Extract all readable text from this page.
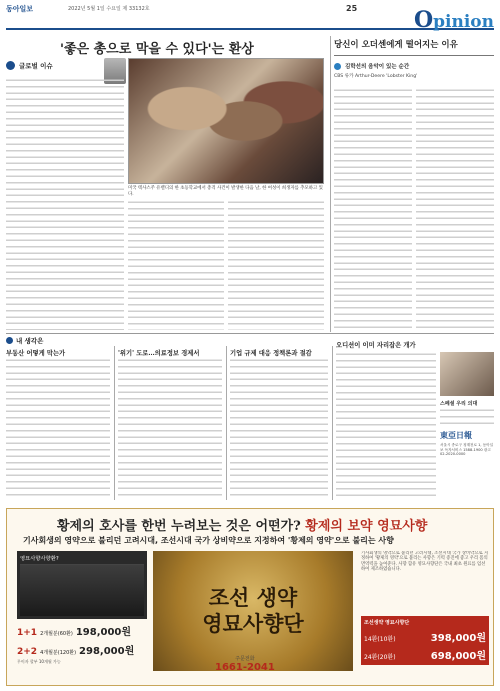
동아일보	2022년 5월 1일 수요일 제 33132호	25	Opinion
'좋은 총으로 막을 수 있다'는 환상
글로벌 이슈
미국 텍사스주 유밸디의 한 초등학교에서 총격 사건이 발생한 다음 날, 한 여성이 희생자를 추모하고 있다.
당신이 오더센에게 떨어지는 이유
김학선의 음악이 있는 순간
CBS 류카 Arthur-Deere 'Lobster King'
내 생각은
부동산 어떻게 막는가	'위기' 도로…의료정보 경제서	기업 규제 대응 정책론과 절감
오디션이 이미 자리잡은 개가
스페셜 우리 의대
東亞日報
서울시 종로구 청계천로 1, 동아일보 독자서비스 1588-1900 광고 02-2020-0000
황제의 호사를 한번 누려보는 것은 어떤가? 황제의 보약 영묘사향
기사회생의 영약으로 불리던 고려시대, 조선시대 국가 상비약으로 지정하여 '황제의 영약'으로 불리는 사향
영묘사향사향환?
1+1 2개월분(60환) 198,000원
2+2 4개월분(120환) 298,000원
무이자 할부 10개월 가능
조선 생약
영묘사향단
주문전화
1661-2041
기사회생의 영약으로 불리던 고려시대, 조선시대 국가 상비약으로 지정하여 '황제의 영약'으로 불리는 사향은 기력 증진에 좋고 우리 몸의 면역력을 높여준다. 사향 함유 영묘사향단은 국내 최초 원료를 엄선하여 제조하였습니다.
조선생약 영묘사향단
14환(10환)	398,000원
24환(20환)	698,000원
